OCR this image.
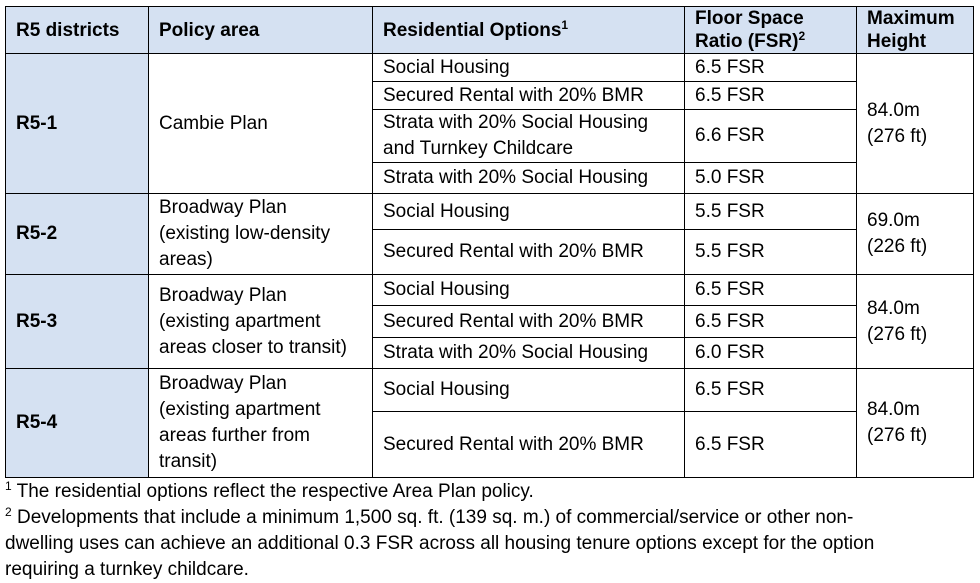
R5 districts	Policy area	Residential Options$^1$	Floor Space
Ratio (FSR)$^2$	Maximum
Height
R5-1	Cambie Plan	Social Housing	6.5 FSR	84.0m
(276 ft)
		Secured Rental with 20% BMR	6.5 FSR	
		Strata with 20% Social Housing
and Turnkey Childcare	6.6 FSR	
		Strata with 20% Social Housing	5.0 FSR	
R5-2	Broadway Plan
(existing low-density
areas)	Social Housing	5.5 FSR	69.0m
(226 ft)
		Secured Rental with 20% BMR	5.5 FSR	
R5-3	Broadway Plan
(existing apartment
areas closer to transit)	Social Housing	6.5 FSR	84.0m
(276 ft)
		Secured Rental with 20% BMR	6.5 FSR	
		Strata with 20% Social Housing	6.0 FSR	
R5-4	Broadway Plan
(existing apartment
areas further from
transit)	Social Housing	6.5 FSR	84.0m
(276 ft)
		Secured Rental with 20% BMR	6.5 FSR	

$^1$ The residential options reflect the respective Area Plan policy.

$^2$ Developments that include a minimum 1,500 sq. ft. (139 sq. m.) of commercial/service or other non-
dwelling uses can achieve an additional 0.3 FSR across all housing tenure options except for the option
requiring a turnkey childcare.
